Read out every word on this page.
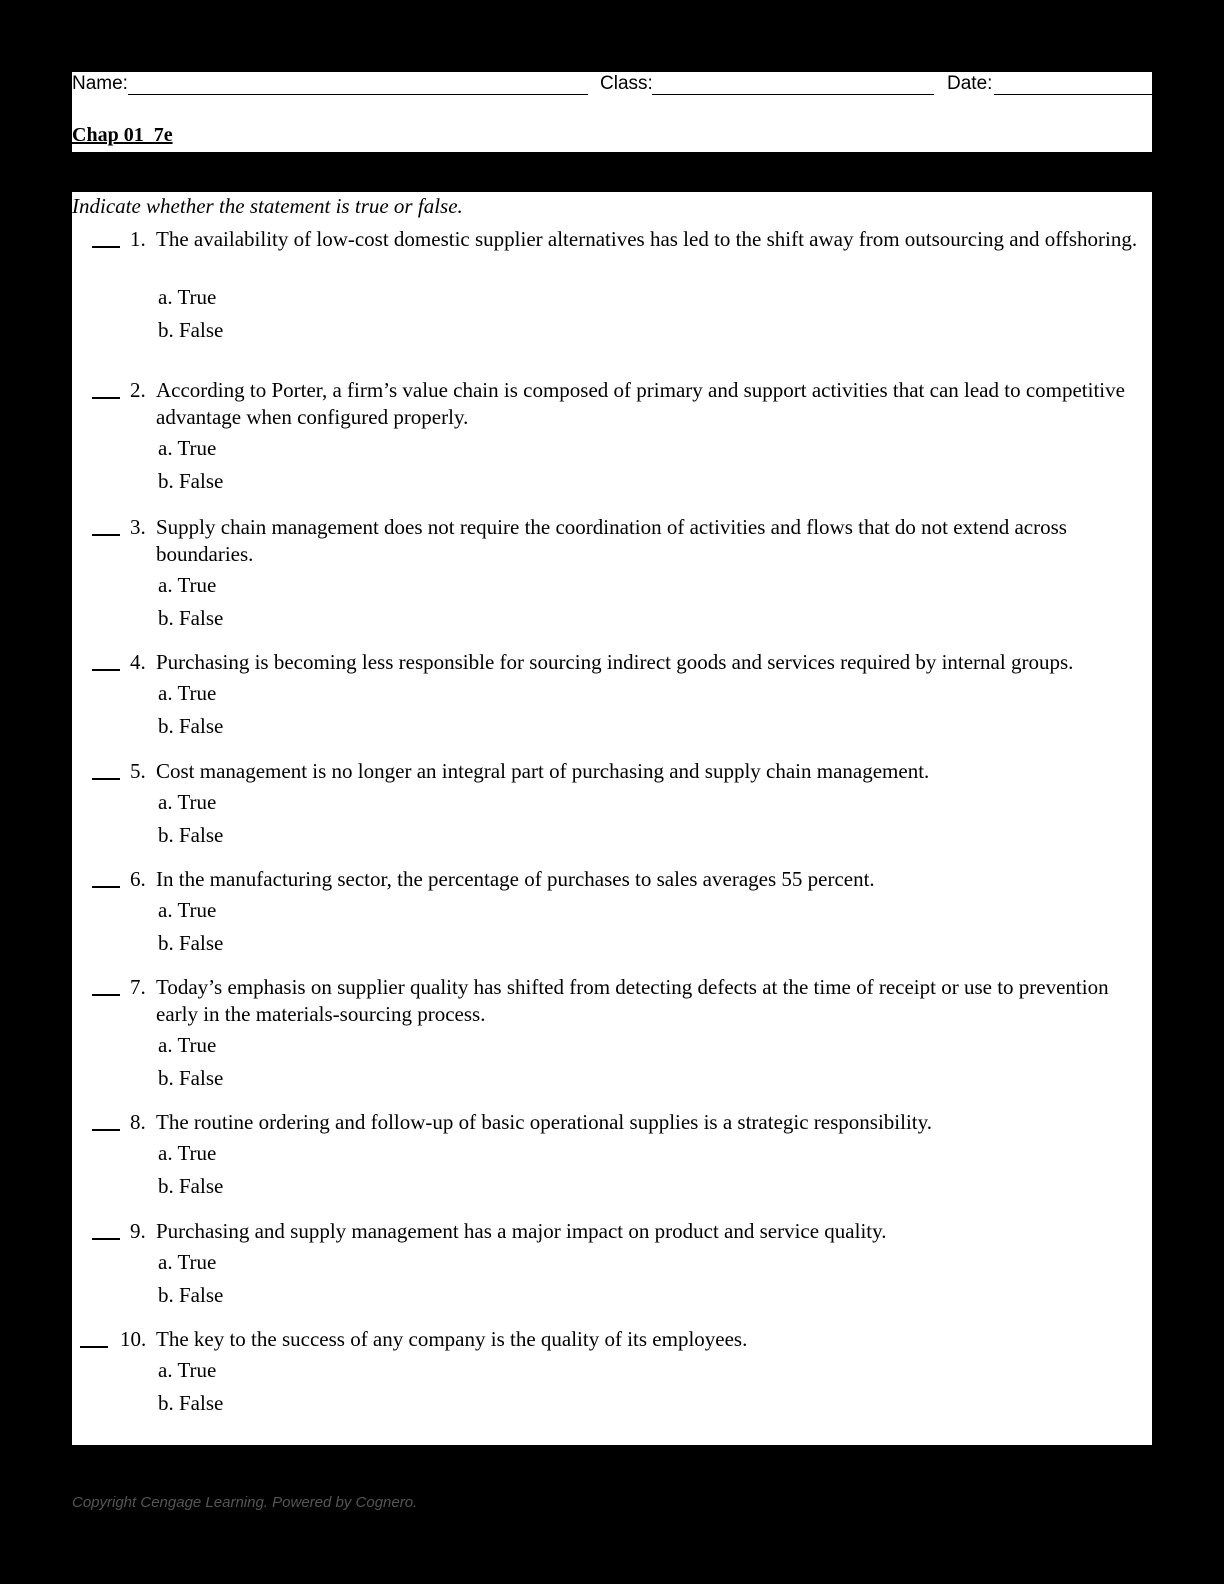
Name:	Class:	Date:
Chap 01_7e
Indicate whether the statement is true or false.
1. The availability of low-cost domestic supplier alternatives has led to the shift away from outsourcing and offshoring.
a. True
b. False
2. According to Porter, a firm’s value chain is composed of primary and support activities that can lead to competitive advantage when configured properly.
a. True
b. False
3. Supply chain management does not require the coordination of activities and flows that do not extend across boundaries.
a. True
b. False
4. Purchasing is becoming less responsible for sourcing indirect goods and services required by internal groups.
a. True
b. False
5. Cost management is no longer an integral part of purchasing and supply chain management.
a. True
b. False
6. In the manufacturing sector, the percentage of purchases to sales averages 55 percent.
a. True
b. False
7. Today’s emphasis on supplier quality has shifted from detecting defects at the time of receipt or use to prevention early in the materials-sourcing process.
a. True
b. False
8. The routine ordering and follow-up of basic operational supplies is a strategic responsibility.
a. True
b. False
9. Purchasing and supply management has a major impact on product and service quality.
a. True
b. False
10. The key to the success of any company is the quality of its employees.
a. True
b. False
Copyright Cengage Learning. Powered by Cognero.
